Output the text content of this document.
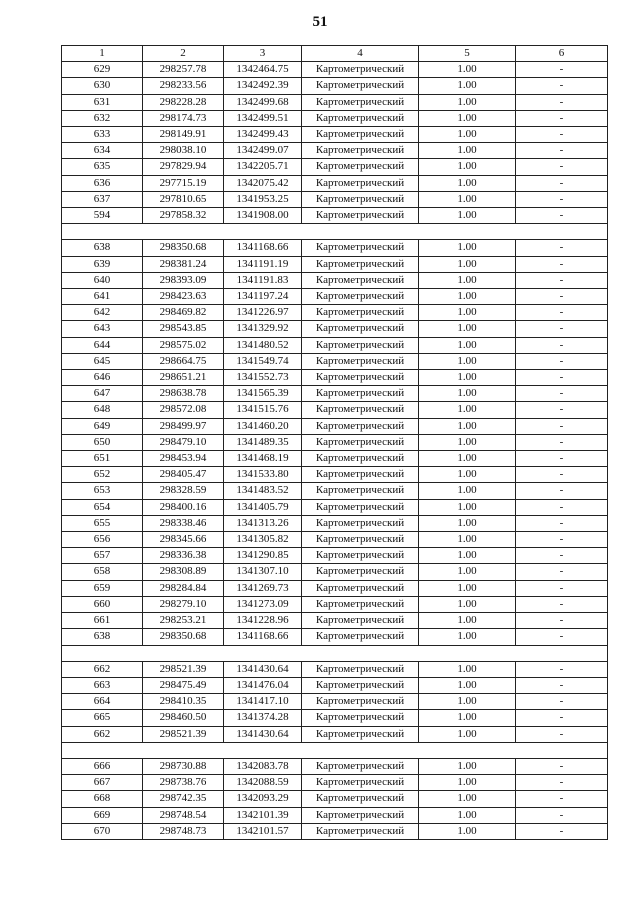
51
1	2	3	4	5	6
629	298257.78	1342464.75	Картометрический	1.00	-
630	298233.56	1342492.39	Картометрический	1.00	-
631	298228.28	1342499.68	Картометрический	1.00	-
632	298174.73	1342499.51	Картометрический	1.00	-
633	298149.91	1342499.43	Картометрический	1.00	-
634	298038.10	1342499.07	Картометрический	1.00	-
635	297829.94	1342205.71	Картометрический	1.00	-
636	297715.19	1342075.42	Картометрический	1.00	-
637	297810.65	1341953.25	Картометрический	1.00	-
594	297858.32	1341908.00	Картометрический	1.00	-

638	298350.68	1341168.66	Картометрический	1.00	-
639	298381.24	1341191.19	Картометрический	1.00	-
640	298393.09	1341191.83	Картометрический	1.00	-
641	298423.63	1341197.24	Картометрический	1.00	-
642	298469.82	1341226.97	Картометрический	1.00	-
643	298543.85	1341329.92	Картометрический	1.00	-
644	298575.02	1341480.52	Картометрический	1.00	-
645	298664.75	1341549.74	Картометрический	1.00	-
646	298651.21	1341552.73	Картометрический	1.00	-
647	298638.78	1341565.39	Картометрический	1.00	-
648	298572.08	1341515.76	Картометрический	1.00	-
649	298499.97	1341460.20	Картометрический	1.00	-
650	298479.10	1341489.35	Картометрический	1.00	-
651	298453.94	1341468.19	Картометрический	1.00	-
652	298405.47	1341533.80	Картометрический	1.00	-
653	298328.59	1341483.52	Картометрический	1.00	-
654	298400.16	1341405.79	Картометрический	1.00	-
655	298338.46	1341313.26	Картометрический	1.00	-
656	298345.66	1341305.82	Картометрический	1.00	-
657	298336.38	1341290.85	Картометрический	1.00	-
658	298308.89	1341307.10	Картометрический	1.00	-
659	298284.84	1341269.73	Картометрический	1.00	-
660	298279.10	1341273.09	Картометрический	1.00	-
661	298253.21	1341228.96	Картометрический	1.00	-
638	298350.68	1341168.66	Картометрический	1.00	-

662	298521.39	1341430.64	Картометрический	1.00	-
663	298475.49	1341476.04	Картометрический	1.00	-
664	298410.35	1341417.10	Картометрический	1.00	-
665	298460.50	1341374.28	Картометрический	1.00	-
662	298521.39	1341430.64	Картометрический	1.00	-

666	298730.88	1342083.78	Картометрический	1.00	-
667	298738.76	1342088.59	Картометрический	1.00	-
668	298742.35	1342093.29	Картометрический	1.00	-
669	298748.54	1342101.39	Картометрический	1.00	-
670	298748.73	1342101.57	Картометрический	1.00	-
